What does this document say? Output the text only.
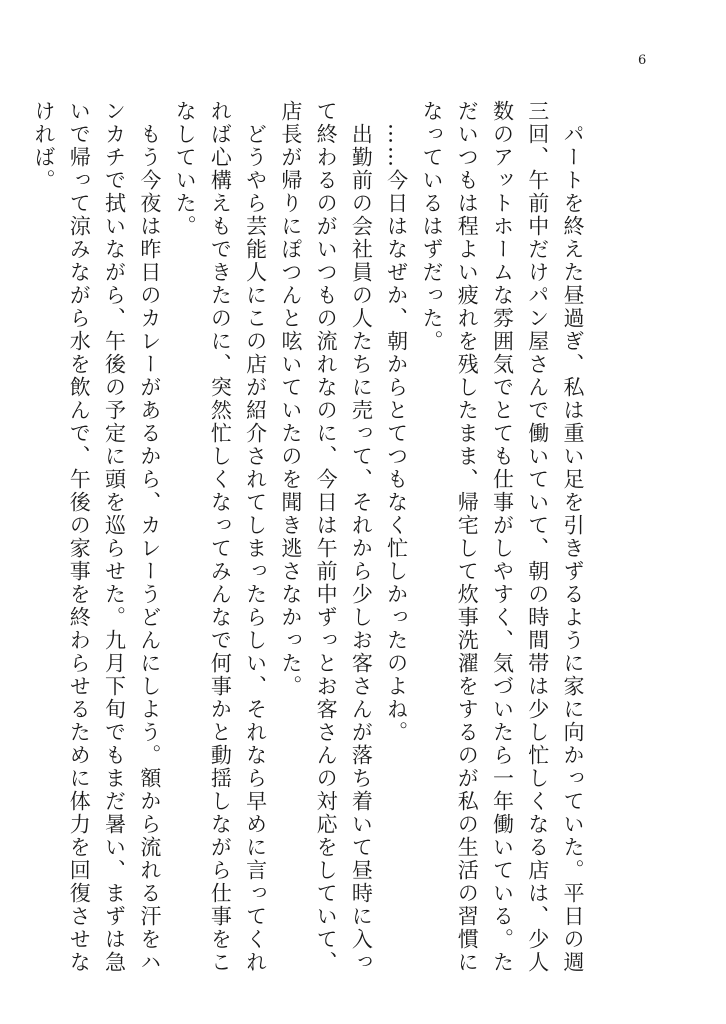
6

　パートを終えた昼過ぎ、私は重い足を引きずるように家に向かっていた。平日の週三回、午前中だけパン屋さんで働いていて、朝の時間帯は少し忙しくなる店は、少人数のアットホームな雰囲気でとても仕事がしやすく、気づいたら一年働いている。ただいつもは程よい疲れを残したまま、帰宅して炊事洗濯をするのが私の生活の習慣になっているはずだった。

　……今日はなぜか、朝からとてつもなく忙しかったのよね。

　出勤前の会社員の人たちに売って、それから少しお客さんが落ち着いて昼時に入って終わるのがいつもの流れなのに、今日は午前中ずっとお客さんの対応をしていて、店長が帰りにぽつんと呟いていたのを聞き逃さなかった。

　どうやら芸能人にこの店が紹介されてしまったらしい、それなら早めに言ってくれれば心構えもできたのに、突然忙しくなってみんなで何事かと動揺しながら仕事をこなしていた。

　もう今夜は昨日のカレーがあるから、カレーうどんにしよう。額から流れる汗をハンカチで拭いながら、午後の予定に頭を巡らせた。九月下旬でもまだ暑い、まずは急いで帰って涼みながら水を飲んで、午後の家事を終わらせるために体力を回復させなければ。
